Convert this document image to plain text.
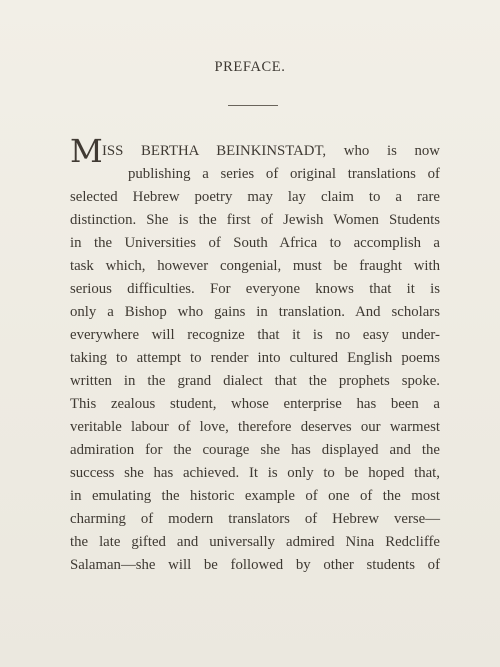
PREFACE.
M ISS BERTHA BEINKINSTADT, who is now
publishing a series of original translations of
selected Hebrew poetry may lay claim to a rare
distinction. She is the first of Jewish Women Students
in the Universities of South Africa to accomplish a
task which, however congenial, must be fraught with
serious difficulties. For everyone knows that it is
only a Bishop who gains in translation. And scholars
everywhere will recognize that it is no easy under-
taking to attempt to render into cultured English poems
written in the grand dialect that the prophets spoke.
This zealous student, whose enterprise has been a
veritable labour of love, therefore deserves our warmest
admiration for the courage she has displayed and the
success she has achieved. It is only to be hoped that,
in emulating the historic example of one of the most
charming of modern translators of Hebrew verse—
the late gifted and universally admired Nina Redcliffe
Salaman—she will be followed by other students of
